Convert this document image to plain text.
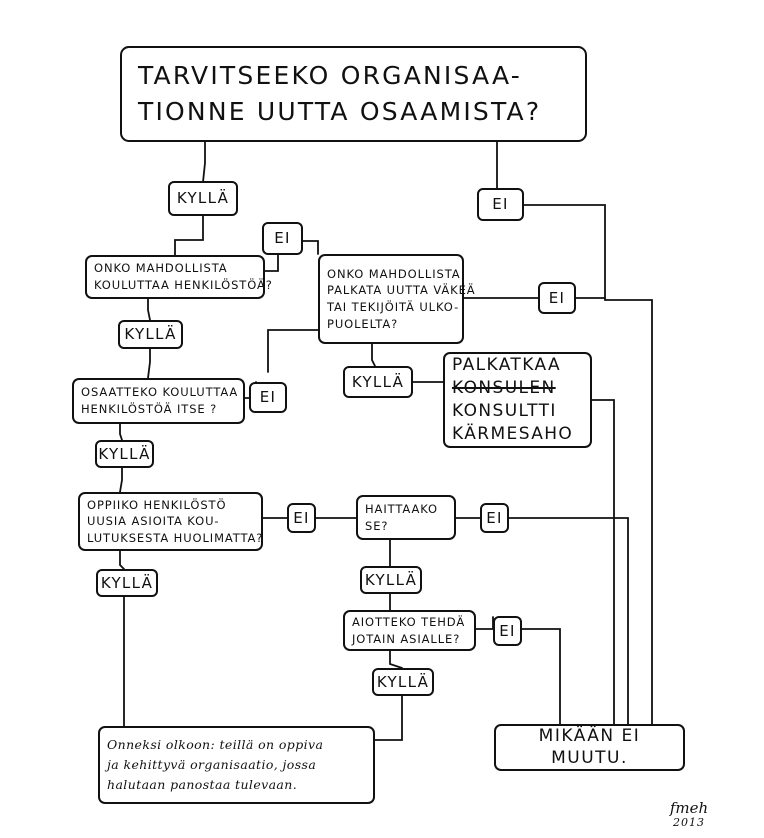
TARVITSEEKO ORGANISAA-
TIONNE UUTTA OSAAMISTA?
KYLLÄ	EI
EI
ONKO MAHDOLLISTA
KOULUTTAA HENKILÖSTÖÄ?
ONKO MAHDOLLISTA
PALKATA UUTTA VÄKEÄ
TAI TEKIJÖITÄ ULKO-
PUOLELTA?
EI
KYLLÄ
KYLLÄ
PALKATKAA
KONSULEN
KONSULTTI
KÄRMESAHO
OSAATTEKO KOULUTTAA
HENKILÖSTÖÄ ITSE ?
EI
KYLLÄ
OPPIIKO HENKILÖSTÖ
UUSIA ASIOITA KOU-
LUTUKSESTA HUOLIMATTA?
EI	HAITTAAKO
SE?	EI
KYLLÄ	KYLLÄ
AIOTTEKO TEHDÄ
JOTAIN ASIALLE?	EI
KYLLÄ
Onneksi olkoon: teillä on oppiva
ja kehittyvä organisaatio, jossa
halutaan panostaa tulevaan.
MIKÄÄN EI MUUTU.
fmeh
2013
